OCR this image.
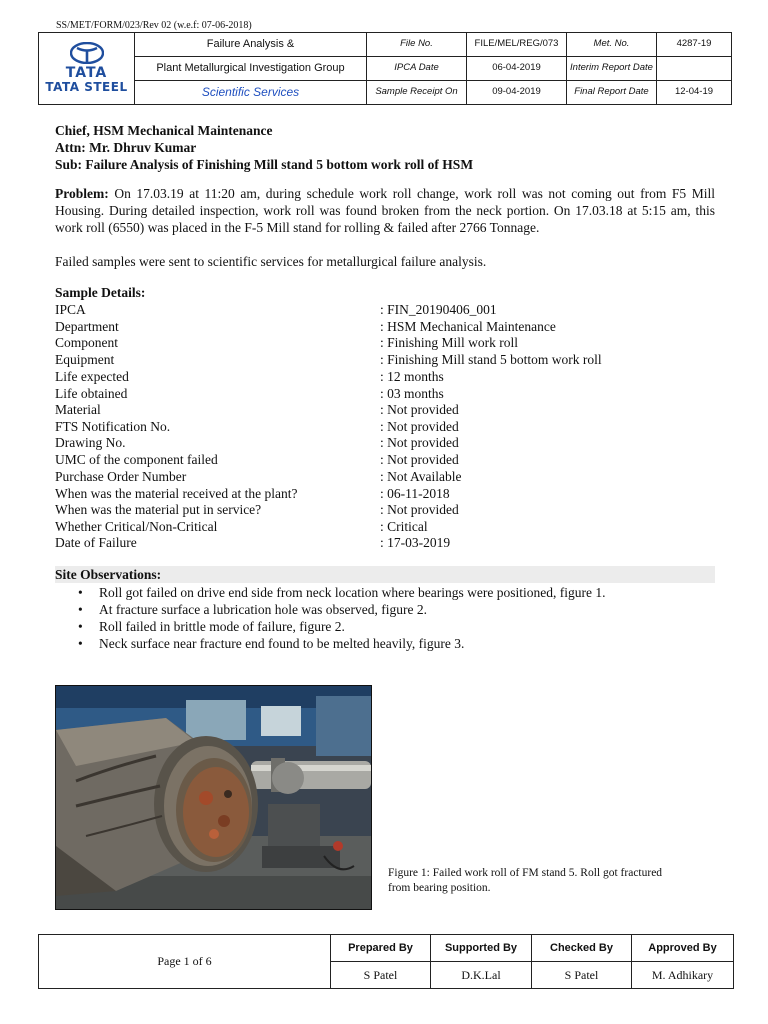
SS/MET/FORM/023/Rev 02 (w.e.f: 07-06-2018)
TATA
TATA STEEL	Failure Analysis &	File No.	FILE/MEL/REG/073	Met. No.	4287-19

	Plant Metallurgical Investigation Group	IPCA Date	06-04-2019	Interim Report Date	

	Scientific Services	Sample Receipt On	09-04-2019	Final Report Date	12-04-19
Chief, HSM Mechanical Maintenance
Attn: Mr. Dhruv Kumar
Sub: Failure Analysis of Finishing Mill stand 5 bottom work roll of HSM
Problem: On 17.03.19 at 11:20 am, during schedule work roll change, work roll was not coming out from F5 Mill Housing. During detailed inspection, work roll was found broken from the neck portion. On 17.03.18 at 5:15 am, this work roll (6550) was placed in the F-5 Mill stand for rolling & failed after 2766 Tonnage.
Failed samples were sent to scientific services for metallurgical failure analysis.
Sample Details:
IPCA	: FIN_20190406_001
Department	: HSM Mechanical Maintenance
Component	: Finishing Mill work roll
Equipment	: Finishing Mill stand 5 bottom work roll
Life expected	: 12 months
Life obtained	: 03 months
Material	: Not provided
FTS Notification No.	: Not provided
Drawing No.	: Not provided
UMC of the component failed	: Not provided
Purchase Order Number	: Not Available
When was the material received at the plant?	: 06-11-2018
When was the material put in service?	: Not provided
Whether Critical/Non-Critical	: Critical
Date of Failure	: 17-03-2019
Site Observations:
• Roll got failed on drive end side from neck location where bearings were positioned, figure 1.
• At fracture surface a lubrication hole was observed, figure 2.
• Roll failed in brittle mode of failure, figure 2.
• Neck surface near fracture end found to be melted heavily, figure 3.
Figure 1: Failed work roll of FM stand 5. Roll got fractured from bearing position.
Page 1 of 6	Prepared By	Supported By	Checked By	Approved By
	S Patel	D.K.Lal	S Patel	M. Adhikary
